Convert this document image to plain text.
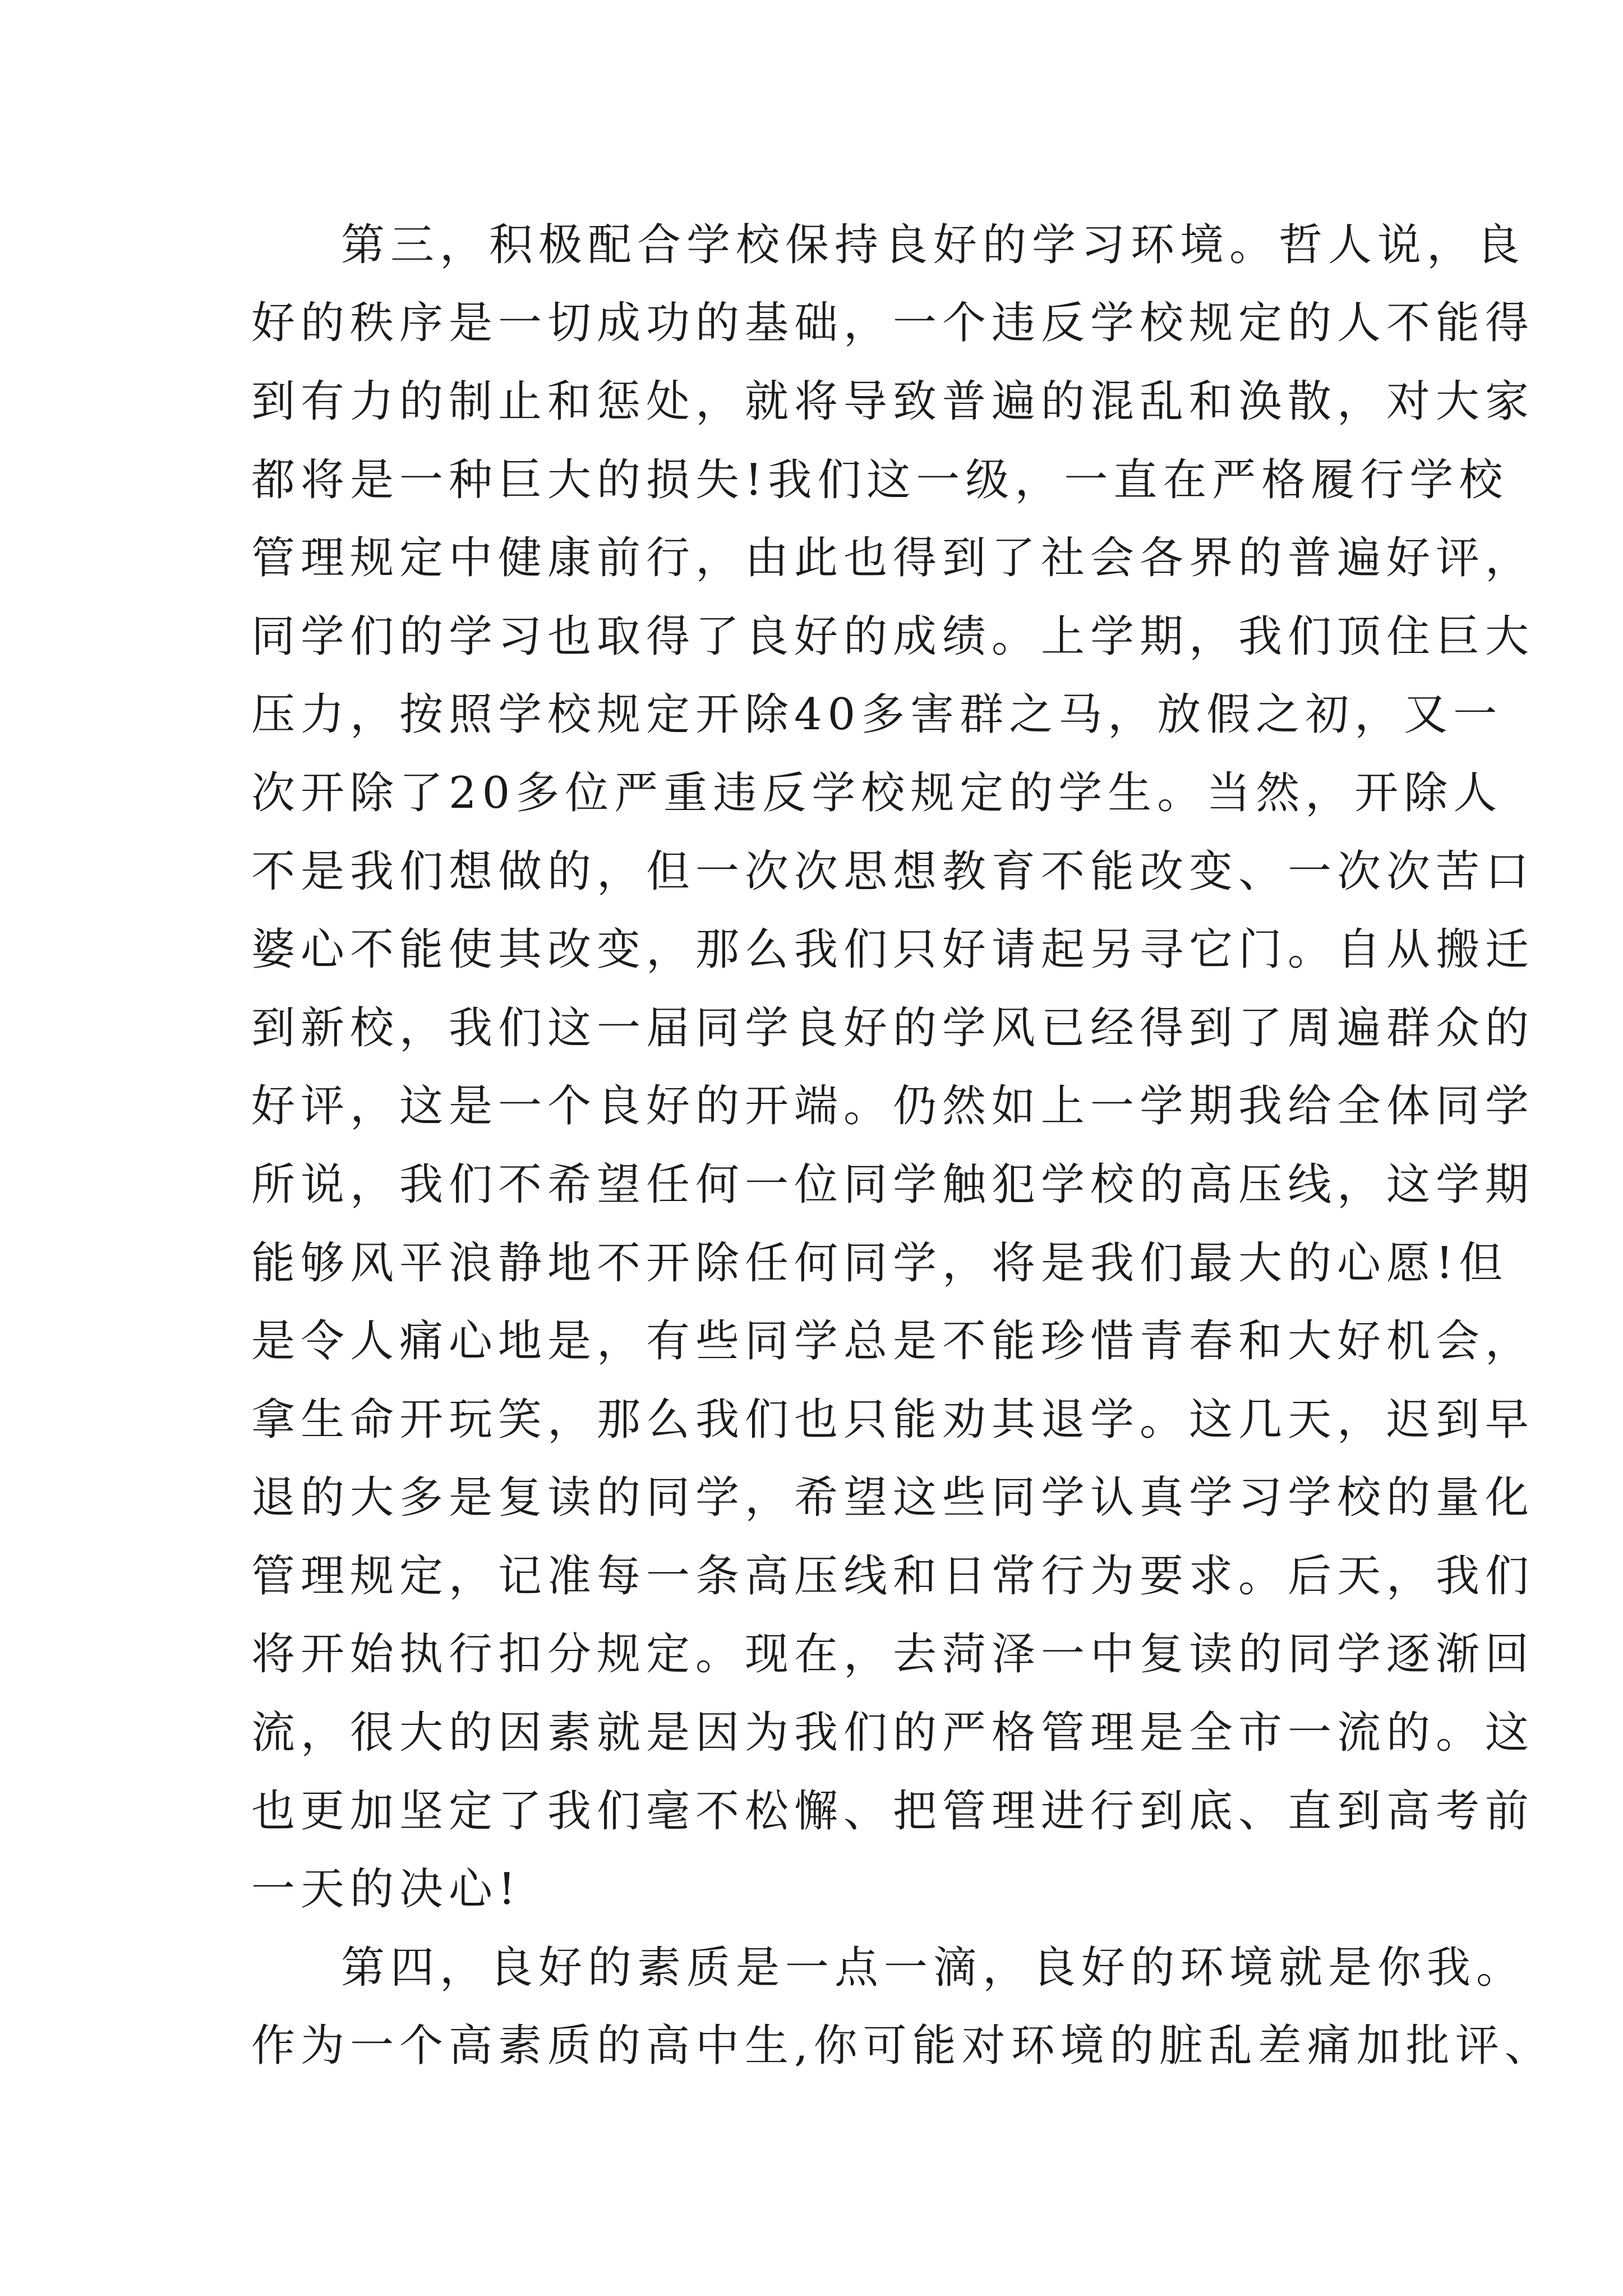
第三，积极配合学校保持良好的学习环境。哲人说，良
好的秩序是一切成功的基础，一个违反学校规定的人不能得
到有力的制止和惩处，就将导致普遍的混乱和涣散，对大家
都将是一种巨大的损失!我们这一级，一直在严格履行学校
管理规定中健康前行，由此也得到了社会各界的普遍好评，
同学们的学习也取得了良好的成绩。上学期，我们顶住巨大
压力，按照学校规定开除40多害群之马，放假之初，又一
次开除了20多位严重违反学校规定的学生。当然，开除人
不是我们想做的，但一次次思想教育不能改变、一次次苦口
婆心不能使其改变，那么我们只好请起另寻它门。自从搬迁
到新校，我们这一届同学良好的学风已经得到了周遍群众的
好评，这是一个良好的开端。仍然如上一学期我给全体同学
所说，我们不希望任何一位同学触犯学校的高压线，这学期
能够风平浪静地不开除任何同学，将是我们最大的心愿!但
是令人痛心地是，有些同学总是不能珍惜青春和大好机会，
拿生命开玩笑，那么我们也只能劝其退学。这几天，迟到早
退的大多是复读的同学，希望这些同学认真学习学校的量化
管理规定，记准每一条高压线和日常行为要求。后天，我们
将开始执行扣分规定。现在，去菏泽一中复读的同学逐渐回
流，很大的因素就是因为我们的严格管理是全市一流的。这
也更加坚定了我们毫不松懈、把管理进行到底、直到高考前
一天的决心!
第四，良好的素质是一点一滴，良好的环境就是你我。
作为一个高素质的高中生,你可能对环境的脏乱差痛加批评、
